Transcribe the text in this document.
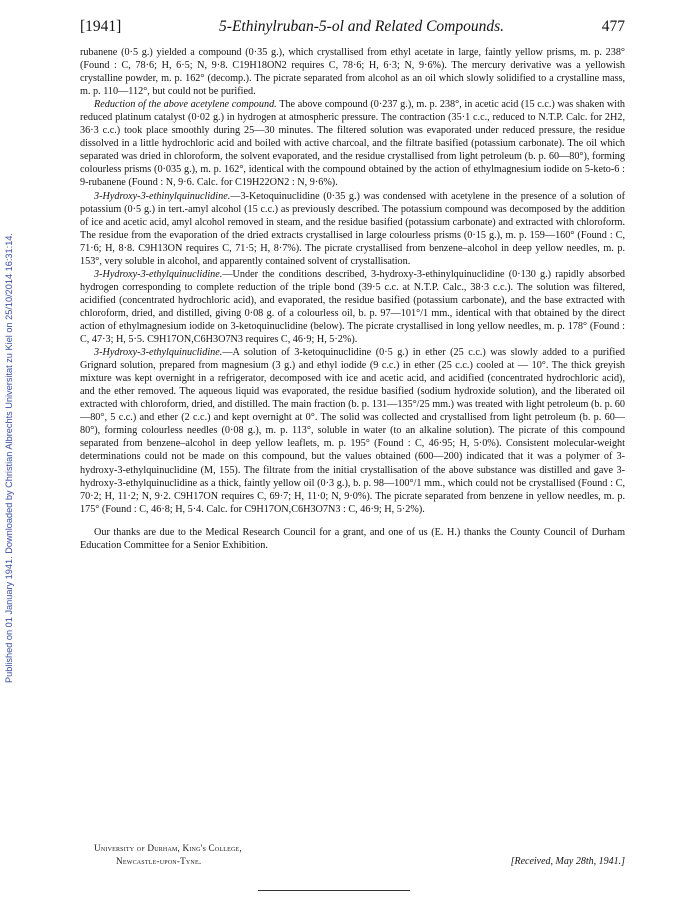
Published on 01 January 1941. Downloaded by Christian Albrechts Universitat zu Kiel on 25/10/2014 16:31:14.
[1941]	5-Ethinylruban-5-ol and Related Compounds.	477

rubanene (0·5 g.) yielded a compound (0·35 g.), which crystallised from ethyl acetate in large, faintly yellow prisms, m. p. 238° (Found : C, 78·6; H, 6·5; N, 9·8. C19H18ON2 requires C, 78·6; H, 6·3; N, 9·6%). The mercury derivative was a yellowish crystalline powder, m. p. 162° (decomp.). The picrate separated from alcohol as an oil which slowly solidified to a crystalline mass, m. p. 110—112°, but could not be purified.

Reduction of the above acetylene compound. The above compound (0·237 g.), m. p. 238°, in acetic acid (15 c.c.) was shaken with reduced platinum catalyst (0·02 g.) in hydrogen at atmospheric pressure. The contraction (35·1 c.c., reduced to N.T.P. Calc. for 2H2, 36·3 c.c.) took place smoothly during 25—30 minutes. The filtered solution was evaporated under reduced pressure, the residue dissolved in a little hydrochloric acid and boiled with active charcoal, and the filtrate basified (potassium carbonate). The oil which separated was dried in chloroform, the solvent evaporated, and the residue crystallised from light petroleum (b. p. 60—80°), forming colourless prisms (0·035 g.), m. p. 162°, identical with the compound obtained by the action of ethylmagnesium iodide on 5-keto-6 : 9-rubanene (Found : N, 9·6. Calc. for C19H22ON2 : N, 9·6%).

3-Hydroxy-3-ethinylquinuclidine.—3-Ketoquinuclidine (0·35 g.) was condensed with acetylene in the presence of a solution of potassium (0·5 g.) in tert.-amyl alcohol (15 c.c.) as previously described. The potassium compound was decomposed by the addition of ice and acetic acid, amyl alcohol removed in steam, and the residue basified (potassium carbonate) and extracted with chloroform. The residue from the evaporation of the dried extracts crystallised in large colourless prisms (0·15 g.), m. p. 159—160° (Found : C, 71·6; H, 8·8. C9H13ON requires C, 71·5; H, 8·7%). The picrate crystallised from benzene–alcohol in deep yellow needles, m. p. 153°, very soluble in alcohol, and apparently contained solvent of crystallisation.

3-Hydroxy-3-ethylquinuclidine.—Under the conditions described, 3-hydroxy-3-ethinylquinuclidine (0·130 g.) rapidly absorbed hydrogen corresponding to complete reduction of the triple bond (39·5 c.c. at N.T.P. Calc., 38·3 c.c.). The solution was filtered, acidified (concentrated hydrochloric acid), and evaporated, the residue basified (potassium carbonate), and the base extracted with chloroform, dried, and distilled, giving 0·08 g. of a colourless oil, b. p. 97—101°/1 mm., identical with that obtained by the direct action of ethylmagnesium iodide on 3-ketoquinuclidine (below). The picrate crystallised in long yellow needles, m. p. 178° (Found : C, 47·3; H, 5·5. C9H17ON,C6H3O7N3 requires C, 46·9; H, 5·2%).

3-Hydroxy-3-ethylquinuclidine.—A solution of 3-ketoquinuclidine (0·5 g.) in ether (25 c.c.) was slowly added to a purified Grignard solution, prepared from magnesium (3 g.) and ethyl iodide (9 c.c.) in ether (25 c.c.) cooled at — 10°. The thick greyish mixture was kept overnight in a refrigerator, decomposed with ice and acetic acid, and acidified (concentrated hydrochloric acid), and the ether removed. The aqueous liquid was evaporated, the residue basified (sodium hydroxide solution), and the liberated oil extracted with chloroform, dried, and distilled. The main fraction (b. p. 131—135°/25 mm.) was treated with light petroleum (b. p. 60—80°, 5 c.c.) and ether (2 c.c.) and kept overnight at 0°. The solid was collected and crystallised from light petroleum (b. p. 60—80°), forming colourless needles (0·08 g.), m. p. 113°, soluble in water (to an alkaline solution). The picrate of this compound separated from benzene–alcohol in deep yellow leaflets, m. p. 195° (Found : C, 46·95; H, 5·0%). Consistent molecular-weight determinations could not be made on this compound, but the values obtained (600—200) indicated that it was a polymer of 3-hydroxy-3-ethylquinuclidine (M, 155). The filtrate from the initial crystallisation of the above substance was distilled and gave 3-hydroxy-3-ethylquinuclidine as a thick, faintly yellow oil (0·3 g.), b. p. 98—100°/1 mm., which could not be crystallised (Found : C, 70·2; H, 11·2; N, 9·2. C9H17ON requires C, 69·7; H, 11·0; N, 9·0%). The picrate separated from benzene in yellow needles, m. p. 175° (Found : C, 46·8; H, 5·4. Calc. for C9H17ON,C6H3O7N3 : C, 46·9; H, 5·2%).

Our thanks are due to the Medical Research Council for a grant, and one of us (E. H.) thanks the County Council of Durham Education Committee for a Senior Exhibition.

University of Durham, King's College,
Newcastle-upon-Tyne.	[Received, May 28th, 1941.]
